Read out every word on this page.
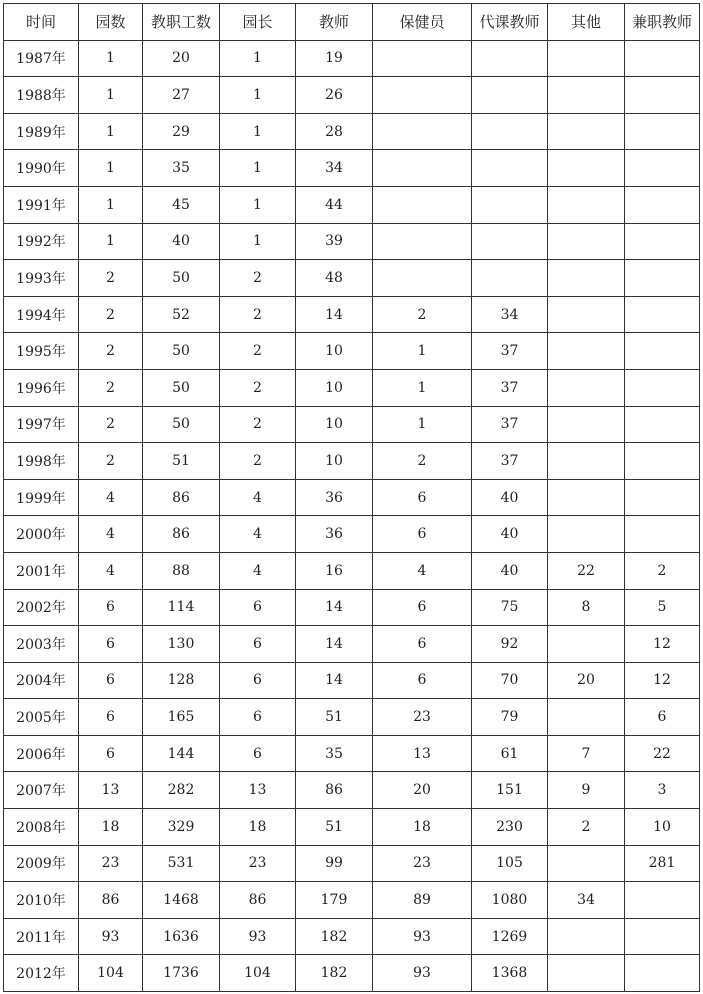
时间	园数	教职工数	园长	教师	保健员	代课教师	其他	兼职教师
1987年	1	20	1	19				
1988年	1	27	1	26				
1989年	1	29	1	28				
1990年	1	35	1	34				
1991年	1	45	1	44				
1992年	1	40	1	39				
1993年	2	50	2	48				
1994年	2	52	2	14	2	34		
1995年	2	50	2	10	1	37		
1996年	2	50	2	10	1	37		
1997年	2	50	2	10	1	37		
1998年	2	51	2	10	2	37		
1999年	4	86	4	36	6	40		
2000年	4	86	4	36	6	40		
2001年	4	88	4	16	4	40	22	2
2002年	6	114	6	14	6	75	8	5
2003年	6	130	6	14	6	92		12
2004年	6	128	6	14	6	70	20	12
2005年	6	165	6	51	23	79		6
2006年	6	144	6	35	13	61	7	22
2007年	13	282	13	86	20	151	9	3
2008年	18	329	18	51	18	230	2	10
2009年	23	531	23	99	23	105		281
2010年	86	1468	86	179	89	1080	34	
2011年	93	1636	93	182	93	1269		
2012年	104	1736	104	182	93	1368		
